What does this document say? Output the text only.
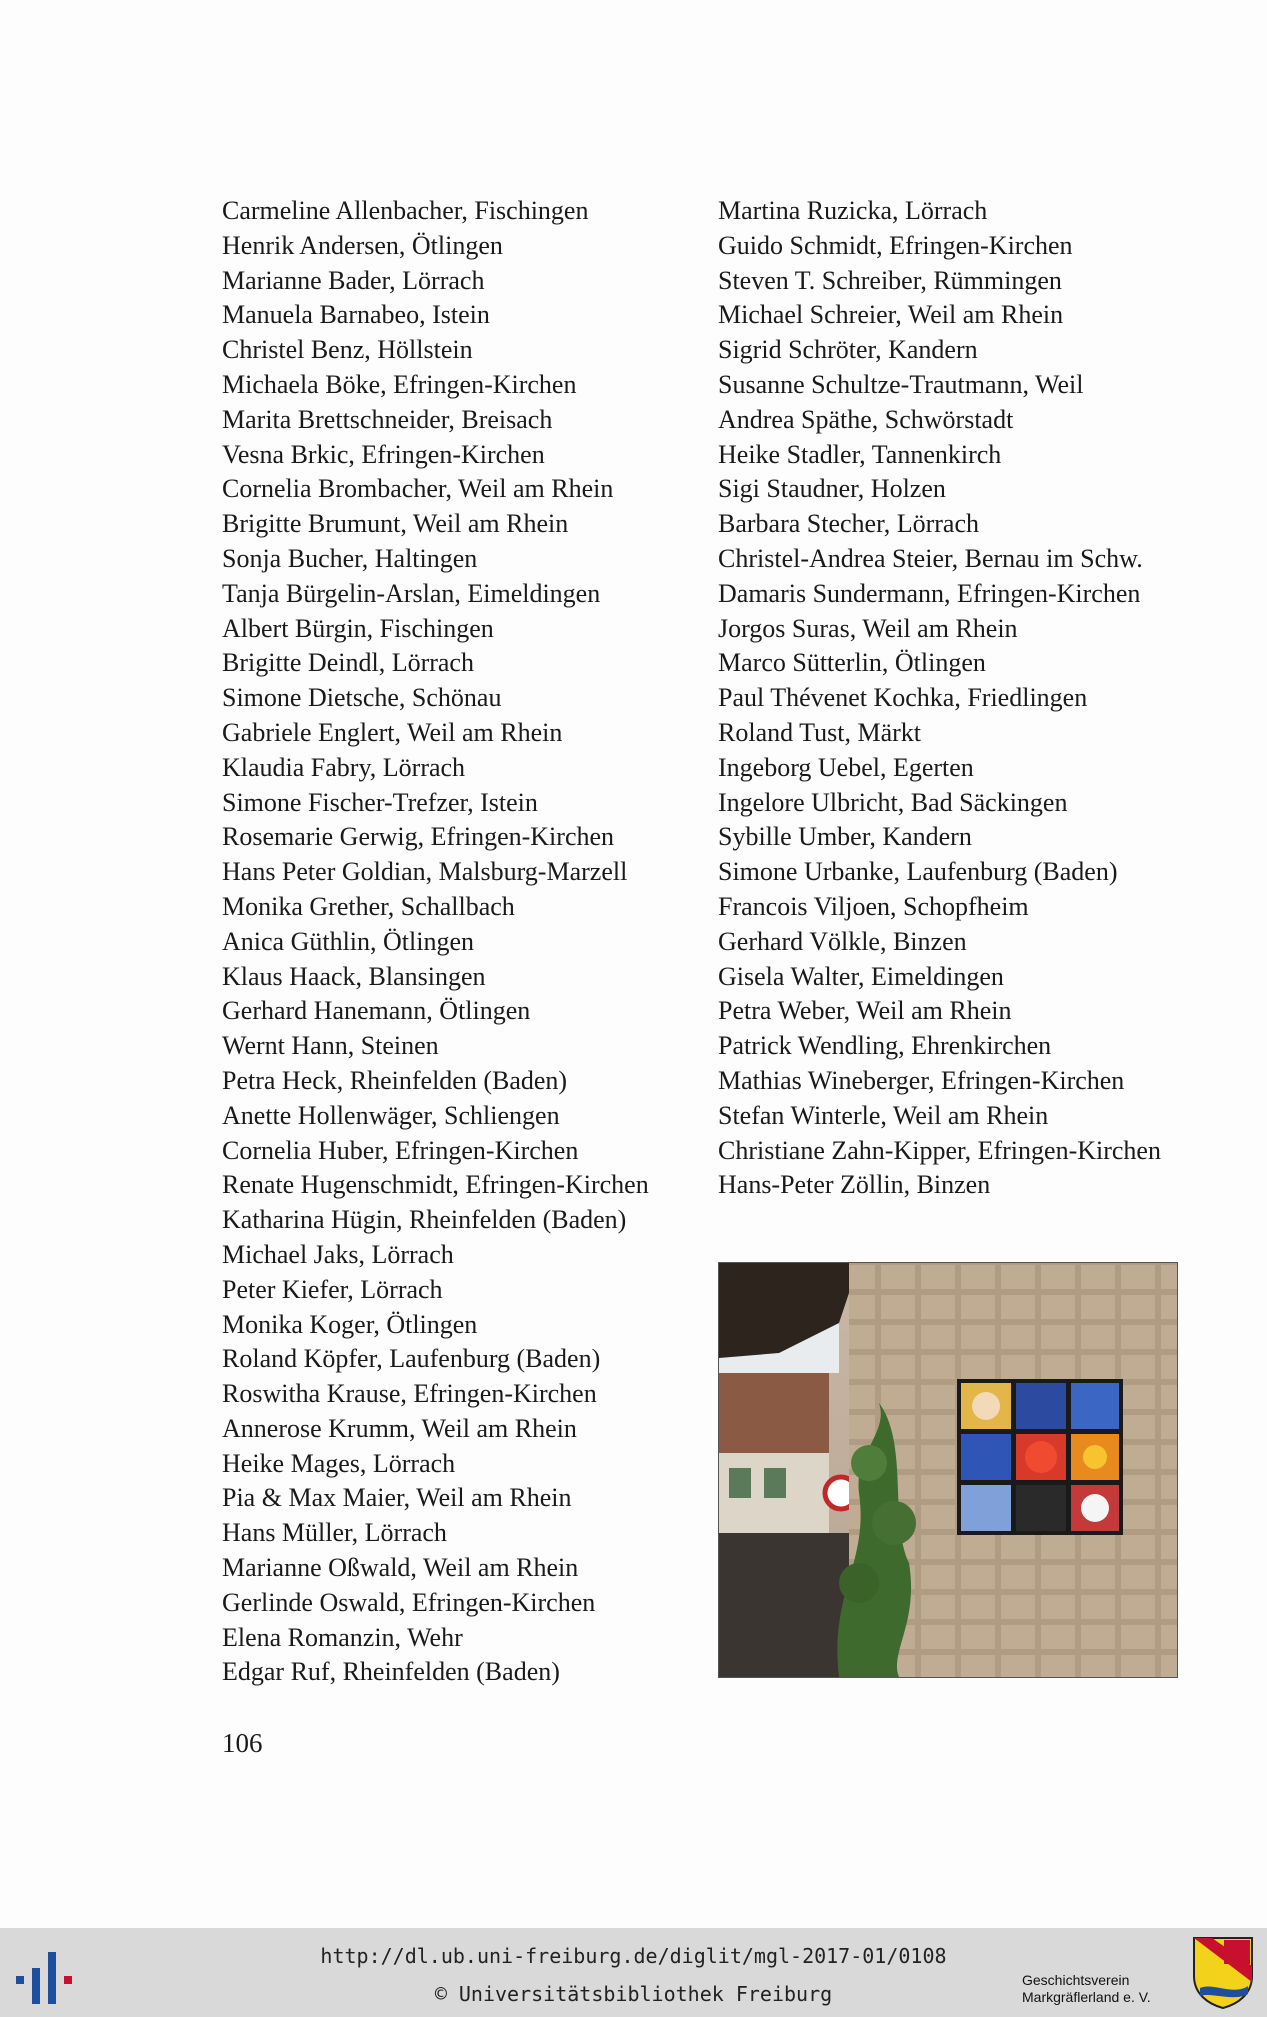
Carmeline Allenbacher, Fischingen
Henrik Andersen, Ötlingen
Marianne Bader, Lörrach
Manuela Barnabeo, Istein
Christel Benz, Höllstein
Michaela Böke, Efringen-Kirchen
Marita Brettschneider, Breisach
Vesna Brkic, Efringen-Kirchen
Cornelia Brombacher, Weil am Rhein
Brigitte Brumunt, Weil am Rhein
Sonja Bucher, Haltingen
Tanja Bürgelin-Arslan, Eimeldingen
Albert Bürgin, Fischingen
Brigitte Deindl, Lörrach
Simone Dietsche, Schönau
Gabriele Englert, Weil am Rhein
Klaudia Fabry, Lörrach
Simone Fischer-Trefzer, Istein
Rosemarie Gerwig, Efringen-Kirchen
Hans Peter Goldian, Malsburg-Marzell
Monika Grether, Schallbach
Anica Güthlin, Ötlingen
Klaus Haack, Blansingen
Gerhard Hanemann, Ötlingen
Wernt Hann, Steinen
Petra Heck, Rheinfelden (Baden)
Anette Hollenwäger, Schliengen
Cornelia Huber, Efringen-Kirchen
Renate Hugenschmidt, Efringen-Kirchen
Katharina Hügin, Rheinfelden (Baden)
Michael Jaks, Lörrach
Peter Kiefer, Lörrach
Monika Koger, Ötlingen
Roland Köpfer, Laufenburg (Baden)
Roswitha Krause, Efringen-Kirchen
Annerose Krumm, Weil am Rhein
Heike Mages, Lörrach
Pia & Max Maier, Weil am Rhein
Hans Müller, Lörrach
Marianne Oßwald, Weil am Rhein
Gerlinde Oswald, Efringen-Kirchen
Elena Romanzin, Wehr
Edgar Ruf, Rheinfelden (Baden)
Martina Ruzicka, Lörrach
Guido Schmidt, Efringen-Kirchen
Steven T. Schreiber, Rümmingen
Michael Schreier, Weil am Rhein
Sigrid Schröter, Kandern
Susanne Schultze-Trautmann, Weil
Andrea Späthe, Schwörstadt
Heike Stadler, Tannenkirch
Sigi Staudner, Holzen
Barbara Stecher, Lörrach
Christel-Andrea Steier, Bernau im Schw.
Damaris Sundermann, Efringen-Kirchen
Jorgos Suras, Weil am Rhein
Marco Sütterlin, Ötlingen
Paul Thévenet Kochka, Friedlingen
Roland Tust, Märkt
Ingeborg Uebel, Egerten
Ingelore Ulbricht, Bad Säckingen
Sybille Umber, Kandern
Simone Urbanke, Laufenburg (Baden)
Francois Viljoen, Schopfheim
Gerhard Völkle, Binzen
Gisela Walter, Eimeldingen
Petra Weber, Weil am Rhein
Patrick Wendling, Ehrenkirchen
Mathias Wineberger, Efringen-Kirchen
Stefan Winterle, Weil am Rhein
Christiane Zahn-Kipper, Efringen-Kirchen
Hans-Peter Zöllin, Binzen
106
http://dl.ub.uni-freiburg.de/diglit/mgl-2017-01/0108
© Universitätsbibliothek Freiburg
Geschichtsverein
Markgräflerland e. V.
